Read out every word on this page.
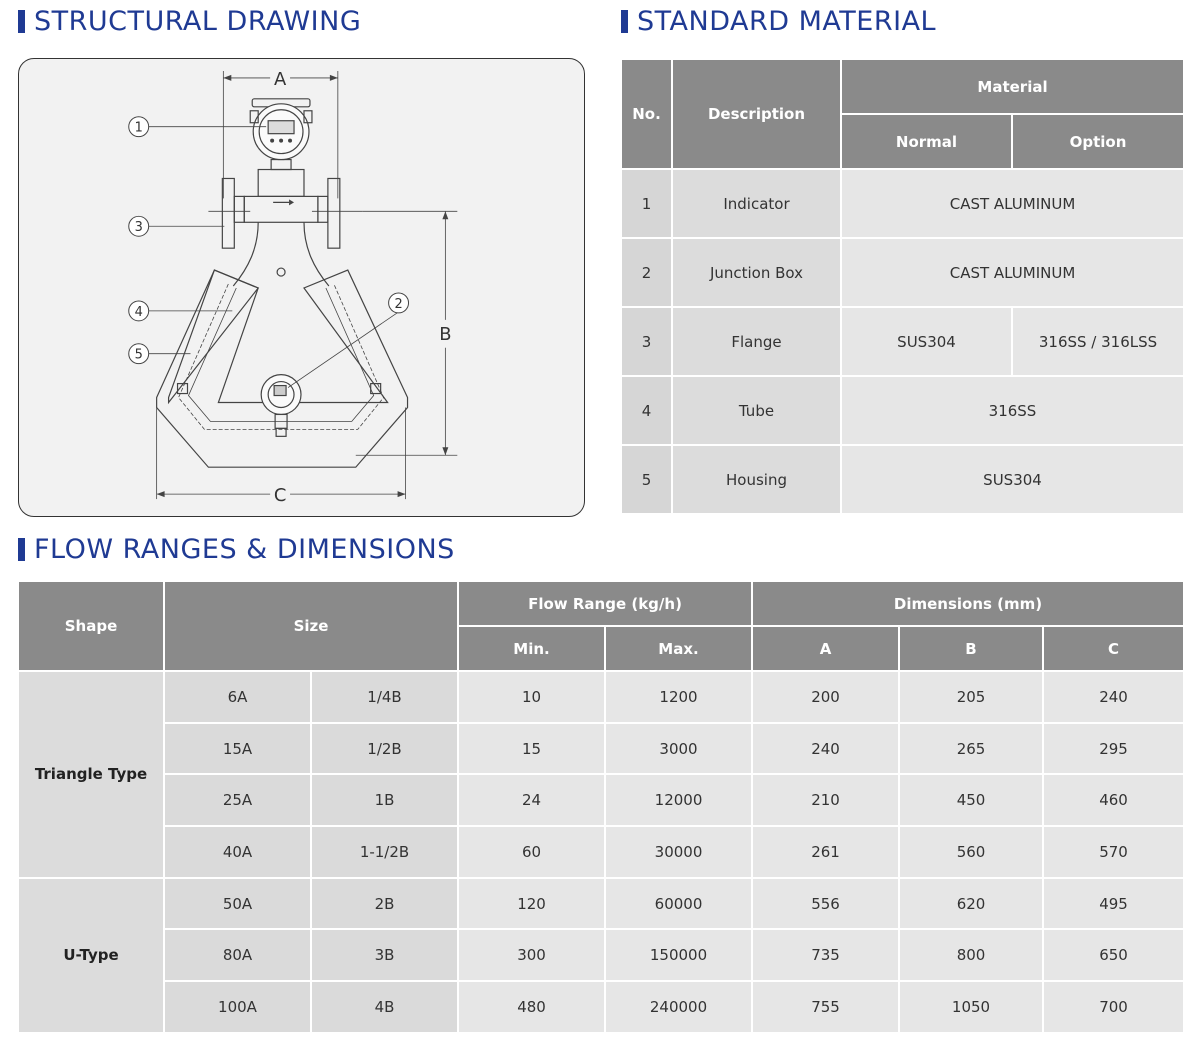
STRUCTURAL DRAWING	STANDARD MATERIAL
FLOW RANGES & DIMENSIONS
A
B
C
1
2
3
4
5
No.	Description	Material	
		Normal	Option
1	Indicator	CAST ALUMINUM	
2	Junction Box	CAST ALUMINUM	
3	Flange	SUS304	316SS / 316LSS
4	Tube	316SS	
5	Housing	SUS304	
Shape	Size		Flow Range (kg/h)		Dimensions (mm)		
			Min.	Max.	A	B	C
Triangle Type	6A	1/4B	10	1200	200	205	240
	15A	1/2B	15	3000	240	265	295
	25A	1B	24	12000	210	450	460
	40A	1-1/2B	60	30000	261	560	570
U-Type	50A	2B	120	60000	556	620	495
	80A	3B	300	150000	735	800	650
	100A	4B	480	240000	755	1050	700
